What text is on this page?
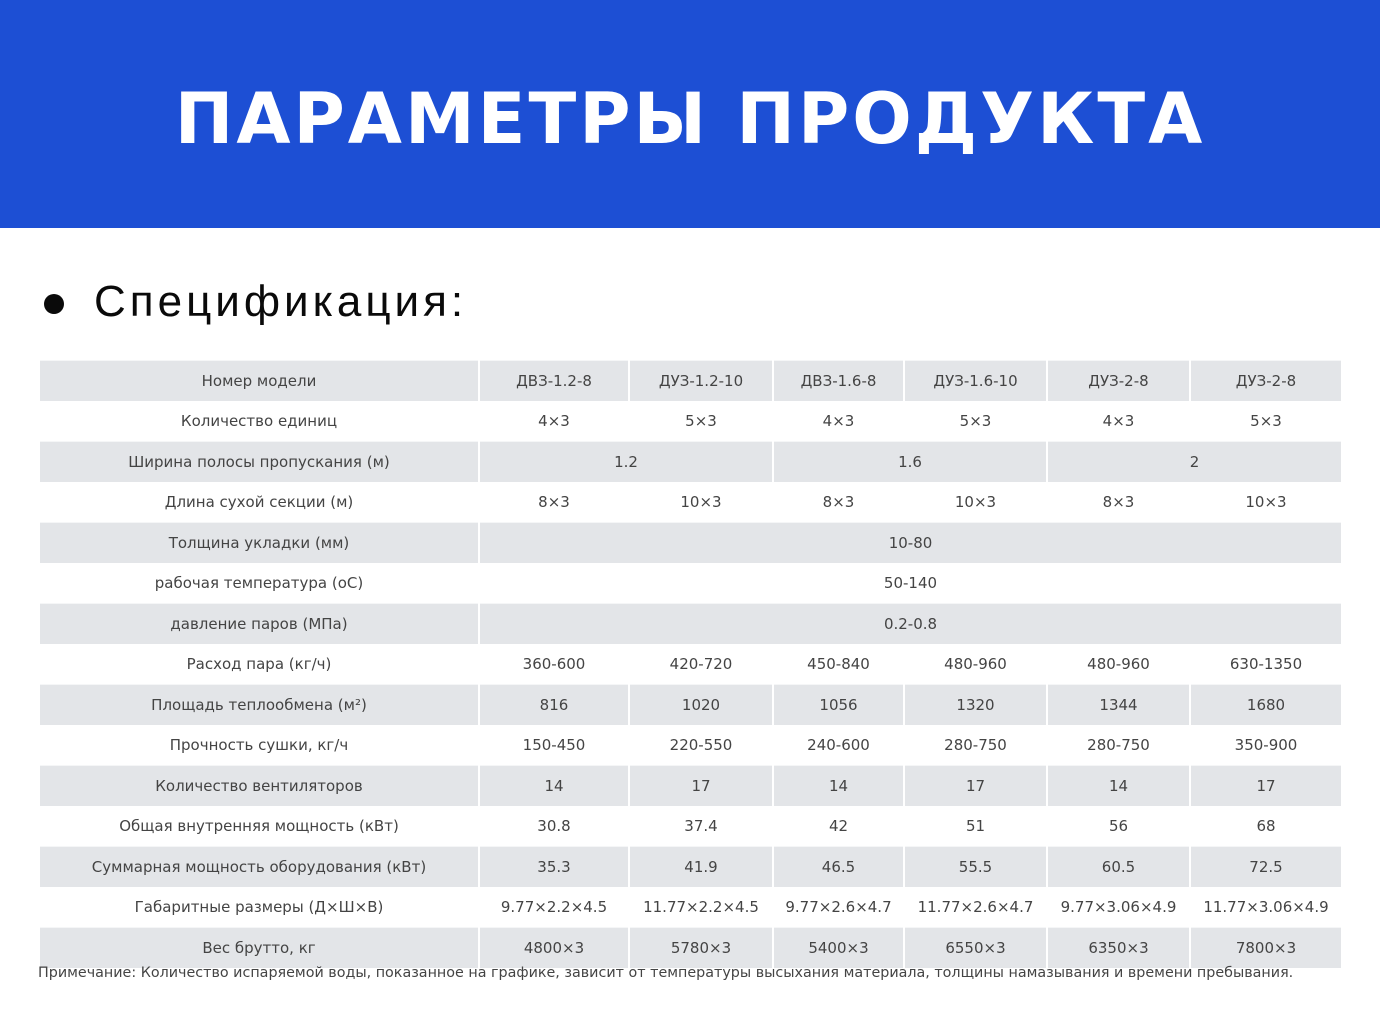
ПАРАМЕТРЫ ПРОДУКТА
Спецификация:
Номер модели	ДВЗ-1.2-8	ДУЗ-1.2-10	ДВЗ-1.6-8	ДУЗ-1.6-10	ДУЗ-2-8	ДУЗ-2-8
Количество единиц	4×3	5×3	4×3	5×3	4×3	5×3
Ширина полосы пропускания (м)	1.2		1.6		2	
Длина сухой секции (м)	8×3	10×3	8×3	10×3	8×3	10×3
Толщина укладки (мм)	10-80					
рабочая температура (оС)	50-140					
давление паров (МПа)	0.2-0.8					
Расход пара (кг/ч)	360-600	420-720	450-840	480-960	480-960	630-1350
Площадь теплообмена (м²)	816	1020	1056	1320	1344	1680
Прочность сушки, кг/ч	150-450	220-550	240-600	280-750	280-750	350-900
Количество вентиляторов	14	17	14	17	14	17
Общая внутренняя мощность (кВт)	30.8	37.4	42	51	56	68
Суммарная мощность оборудования (кВт)	35.3	41.9	46.5	55.5	60.5	72.5
Габаритные размеры (Д×Ш×В)	9.77×2.2×4.5	11.77×2.2×4.5	9.77×2.6×4.7	11.77×2.6×4.7	9.77×3.06×4.9	11.77×3.06×4.9
Вес брутто, кг	4800×3	5780×3	5400×3	6550×3	6350×3	7800×3
Примечание: Количество испаряемой воды, показанное на графике, зависит от температуры высыхания материала, толщины намазывания и времени пребывания.
